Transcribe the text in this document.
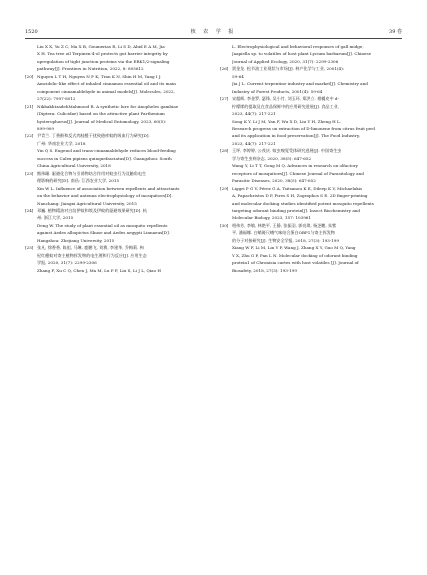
1520	核 农 学 报	39 卷
Liu X X, Yu Z C, Ma X B, Goumerias R, Li S D, Abid E A M, Jia
X H. Tea tree oil Terpinen-4-ol protects gut barrier integrity by
upregulation of tight junction proteins via the ERK1/2-signaling
pathway[J]. Frontiers in Nutrition, 2022, 8: 805612
[20] Nguyen L T H, Nguyen N P K, Tran K N, Shin H M, Yang I J.
Amcidolic-like effect of inhaled cinnamon essential oil and its main
component cinnamaldehyde in animal models[J]. Molecules, 2022,
27(22): 7997-8012
[21] NikbakhtzadehMahmood R. A synthetic lure for Anopheles gambiae
(Diptera: Culicidae) based on the attractive plant Parthenium
hysterophorus[J]. Journal of Medical Entomology, 2023, 60(5):
899-909
[22] 尹青兰. 丁香酚和反式肉桂醛干扰致倦库蚊的吸血行为研究[D].
广州: 华南农业大学, 2018
Yin Q S. Eugenol and trans-cinnamaldehyde reduces blood-feeding
success in Culex pipiens quinquefasciatus[D]. Guangzhou: South
China Agricultural University, 2018
[23] 熊伟珊. 驱避化合物与引诱物结合作用对蚊虫行为及触角电生
理影响的研究[D]. 南昌: 江西农业大学, 2015
Xin W L. Influence of association between repellents and attractants
on the behavior and antenna electrophysiology of mosquitoes[D].
Nanchang: Jiangxi Agricultural University, 2015
[24] 邓巍. 植物精油对白纹伊蚊和埃及伊蚊的驱避效果研究[D]. 杭
州: 浙江大学, 2015
Deng W. The study of plant essential oil as mosquito repellents
against Aedes albopictus Skuse and Aedes aegypti Linnaeus[D].
Hangzhou: Zhejiang University, 2015
[25] 张凡, 徐香香, 陈祖, 马琳, 鹿鹏飞, 刘赛, 李建华, 乔梅莉. 枸
杞红瘿蚊对寄主植物挥发物的电生理和行为反应[J]. 应用生态
学报, 2020, 31(7): 2299-2306
Zhang F, Xu C Q, Chen J, Ma M, Lu P F, Liu S, Li J L, Qiao H
L. Electrophysiological and behavioral responses of gall midge,
Jaapiella sp. to volatiles of host plant Lycium barbarum[J]. Chinese
Journal of Applied Ecology, 2020, 31(7): 2299-2306
[26] 贾金龙. 松节油工业现状与市场[J]. 林产化学与工业, 2001(4):
59-64
Jia J L. Current terpentine industry and market[J]. Chemistry and
Industry of Forest Products, 2001(4): 59-64
[27] 宋超辉, 李金罗, 瑟锋, 吴小竹, 刘玉环, 郑洪立. 柑橘皮中 d-
柠檬烯的提取及在食品保鲜中的应用研究进展[J]. 食品工业,
2023, 44(7): 217-221
Song K Y, Li J M, Yan F, Wu X D, Liu Y H, Zheng H L.
Research progress on extraction of D-limonene from citrus fruit peel
and its application in food preservation[J]. The Food Industry,
2023, 44(7): 217-221
[28] 王坪, 李婷婷, 公茂庆. 蚊虫嗅觉受体研究进展[J]. 中国寄生虫
学与寄生虫病杂志, 2020, 38(5): 647-652
Wang Y, Li T T, Gong M Q. Advances in research on olfactory
receptors of mosquitoes[J]. Chinese Journal of Parasitology and
Parasitic Diseases, 2020, 38(5): 647-652
[29] Liggri P G V, Pérez G A, Tsitsanou K E, Dileep K V, Michaelakis
A, Papachristos D P, Pires S H, Zographos S E. 2D finger-printing
and molecular docking studies identified potent mosquito repellents
targeting odorant binding protein[J]. Insect Biochemistry and
Molecular Biology, 2023, 157: 103961
[30] 相伟芳, 李敏, 林艳平, 王静, 张振羽, 郭亮琪, 杨芝鹏, 朱紫
平, 潘福娜. 白蜡斑尺蛾气味结合蛋白OBP1与寄主挥发物
的分子对接研究[J]. 生物安全学报, 2018, 27(3): 193-199
Xiang W F, Li M, Lin Y P, Wang J, Zhang X Y, Guo M Q, Yang
Y X, Zhu G P, Pan L N. Molecular docking of odorant binding
protein1 of Chronisia cartes with host volatiles [J]. Journal of
Biosafety, 2018, 27(3): 193-199
